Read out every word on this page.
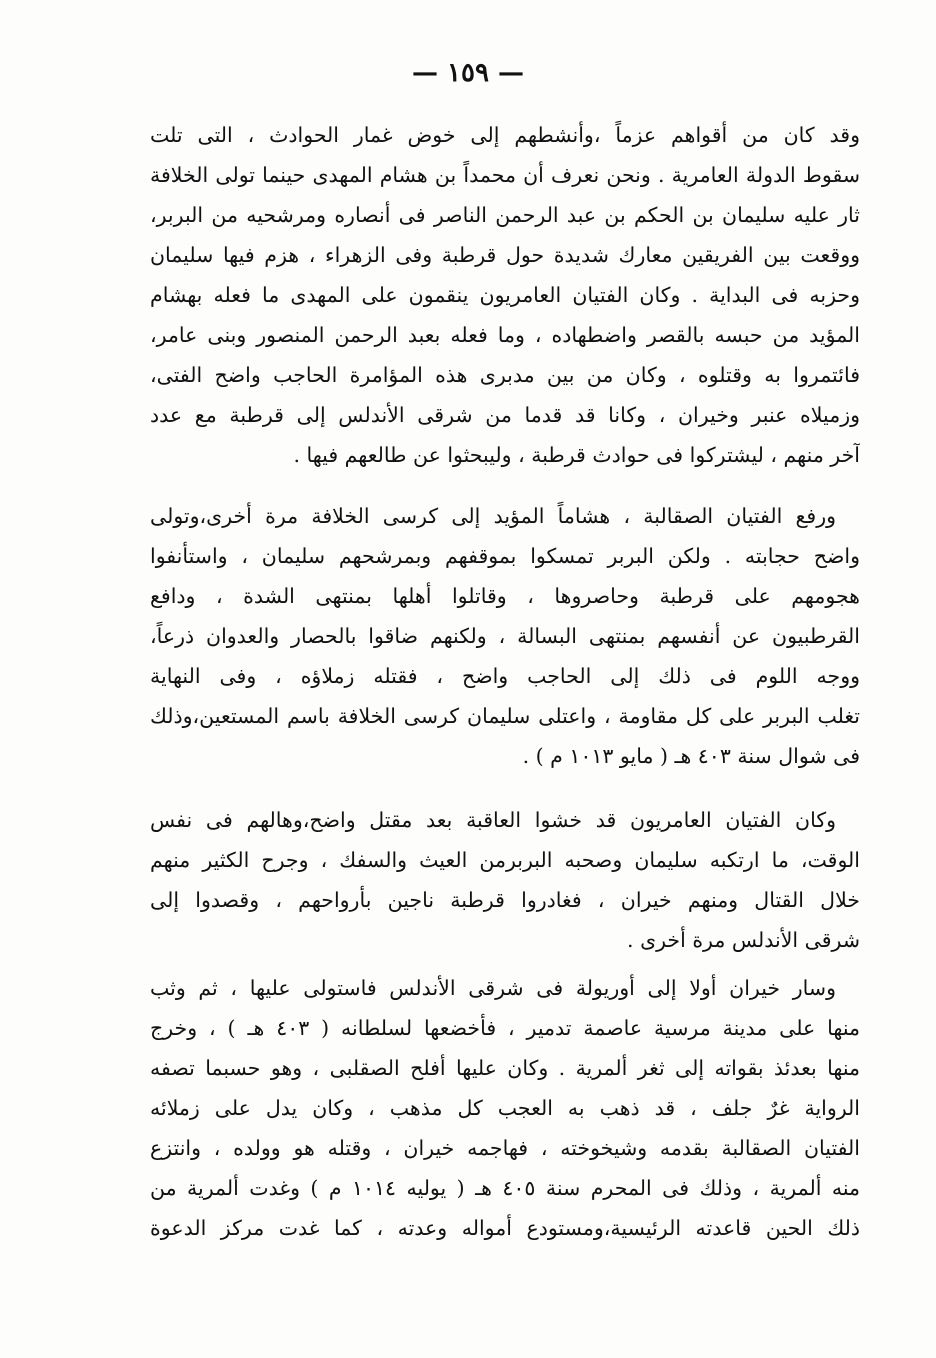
— ١٥٩ —
وقد كان من أقواهم عزماً ،وأنشطهم إلى خوض غمار الحوادث ، التى تلت
سقوط الدولة العامرية . ونحن نعرف أن محمداً بن هشام المهدى حينما تولى الخلافة
ثار عليه سليمان بن الحكم بن عبد الرحمن الناصر فى أنصاره ومرشحيه من البربر،
ووقعت بين الفريقين معارك شديدة حول قرطبة وفى الزهراء ، هزم فيها سليمان
وحزبه فى البداية . وكان الفتيان العامريون ينقمون على المهدى ما فعله بهشام
المؤيد من حبسه بالقصر واضطهاده ، وما فعله بعبد الرحمن المنصور وبنى عامر،
فائتمروا به وقتلوه ، وكان من بين مدبرى هذه المؤامرة الحاجب واضح الفتى،
وزميلاه عنبر وخيران ، وكانا قد قدما من شرقى الأندلس إلى قرطبة مع عدد
آخر منهم ، ليشتركوا فى حوادث قرطبة ، وليبحثوا عن طالعهم فيها .
ورفع الفتيان الصقالبة ، هشاماً المؤيد إلى كرسى الخلافة مرة أخرى،وتولى
واضح حجابته . ولكن البربر تمسكوا بموقفهم وبمرشحهم سليمان ، واستأنفوا
هجومهم على قرطبة وحاصروها ، وقاتلوا أهلها بمنتهى الشدة ، ودافع
القرطبيون عن أنفسهم بمنتهى البسالة ، ولكنهم ضاقوا بالحصار والعدوان ذرعاً،
ووجه اللوم فى ذلك إلى الحاجب واضح ، فقتله زملاؤه ، وفى النهاية
تغلب البربر على كل مقاومة ، واعتلى سليمان كرسى الخلافة باسم المستعين،وذلك
فى شوال سنة ٤٠٣ هـ ( مايو ١٠١٣ م ) .
وكان الفتيان العامريون قد خشوا العاقبة بعد مقتل واضح،وهالهم فى نفس
الوقت، ما ارتكبه سليمان وصحبه البربرمن العيث والسفك ، وجرح الكثير منهم
خلال القتال ومنهم خيران ، فغادروا قرطبة ناجين بأرواحهم ، وقصدوا إلى
شرقى الأندلس مرة أخرى .
وسار خيران أولا إلى أوريولة فى شرقى الأندلس فاستولى عليها ، ثم وثب
منها على مدينة مرسية عاصمة تدمير ، فأخضعها لسلطانه ( ٤٠٣ هـ ) ، وخرج
منها بعدئذ بقواته إلى ثغر ألمرية . وكان عليها أفلح الصقلبى ، وهو حسبما تصفه
الرواية غرٌ جلف ، قد ذهب به العجب كل مذهب ، وكان يدل على زملائه
الفتيان الصقالبة بقدمه وشيخوخته ، فهاجمه خيران ، وقتله هو وولده ، وانتزع
منه ألمرية ، وذلك فى المحرم سنة ٤٠٥ هـ ( يوليه ١٠١٤ م ) وغدت ألمرية من
ذلك الحين قاعدته الرئيسية،ومستودع أمواله وعدته ، كما غدت مركز الدعوة
